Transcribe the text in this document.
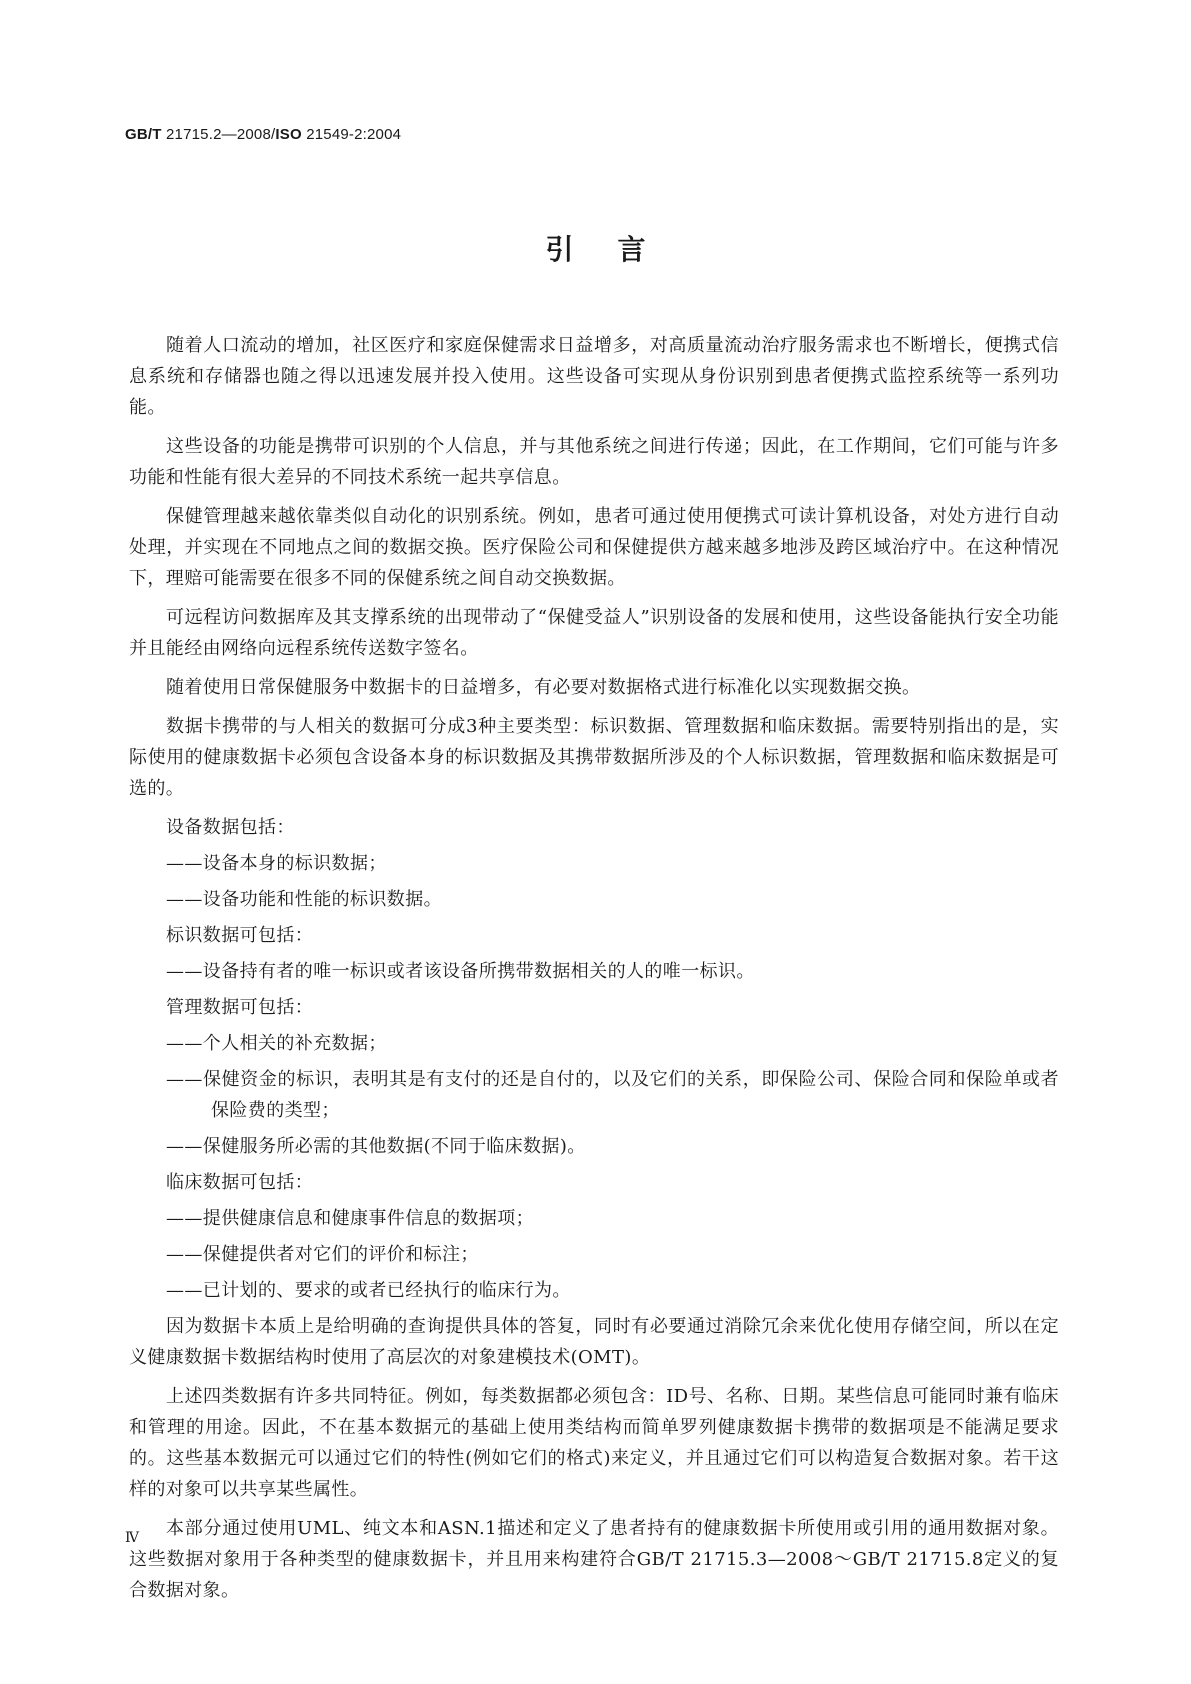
GB/T 21715.2—2008/ISO 21549-2:2004
引言

随着人口流动的增加，社区医疗和家庭保健需求日益增多，对高质量流动治疗服务需求也不断增长，便携式信息系统和存储器也随之得以迅速发展并投入使用。这些设备可实现从身份识别到患者便携式监控系统等一系列功能。

这些设备的功能是携带可识别的个人信息，并与其他系统之间进行传递；因此，在工作期间，它们可能与许多功能和性能有很大差异的不同技术系统一起共享信息。

保健管理越来越依靠类似自动化的识别系统。例如，患者可通过使用便携式可读计算机设备，对处方进行自动处理，并实现在不同地点之间的数据交换。医疗保险公司和保健提供方越来越多地涉及跨区域治疗中。在这种情况下，理赔可能需要在很多不同的保健系统之间自动交换数据。

可远程访问数据库及其支撑系统的出现带动了“保健受益人”识别设备的发展和使用，这些设备能执行安全功能并且能经由网络向远程系统传送数字签名。

随着使用日常保健服务中数据卡的日益增多，有必要对数据格式进行标准化以实现数据交换。

数据卡携带的与人相关的数据可分成3种主要类型：标识数据、管理数据和临床数据。需要特别指出的是，实际使用的健康数据卡必须包含设备本身的标识数据及其携带数据所涉及的个人标识数据，管理数据和临床数据是可选的。

设备数据包括：

——设备本身的标识数据；

——设备功能和性能的标识数据。

标识数据可包括：

——设备持有者的唯一标识或者该设备所携带数据相关的人的唯一标识。

管理数据可包括：

——个人相关的补充数据；

——保健资金的标识，表明其是有支付的还是自付的，以及它们的关系，即保险公司、保险合同和保险单或者保险费的类型；

——保健服务所必需的其他数据(不同于临床数据)。

临床数据可包括：

——提供健康信息和健康事件信息的数据项；

——保健提供者对它们的评价和标注；

——已计划的、要求的或者已经执行的临床行为。

因为数据卡本质上是给明确的查询提供具体的答复，同时有必要通过消除冗余来优化使用存储空间，所以在定义健康数据卡数据结构时使用了高层次的对象建模技术(OMT)。

上述四类数据有许多共同特征。例如，每类数据都必须包含：ID号、名称、日期。某些信息可能同时兼有临床和管理的用途。因此，不在基本数据元的基础上使用类结构而简单罗列健康数据卡携带的数据项是不能满足要求的。这些基本数据元可以通过它们的特性(例如它们的格式)来定义，并且通过它们可以构造复合数据对象。若干这样的对象可以共享某些属性。

本部分通过使用UML、纯文本和ASN.1描述和定义了患者持有的健康数据卡所使用或引用的通用数据对象。这些数据对象用于各种类型的健康数据卡，并且用来构建符合GB/T 21715.3—2008～GB/T 21715.8定义的复合数据对象。

Ⅳ
